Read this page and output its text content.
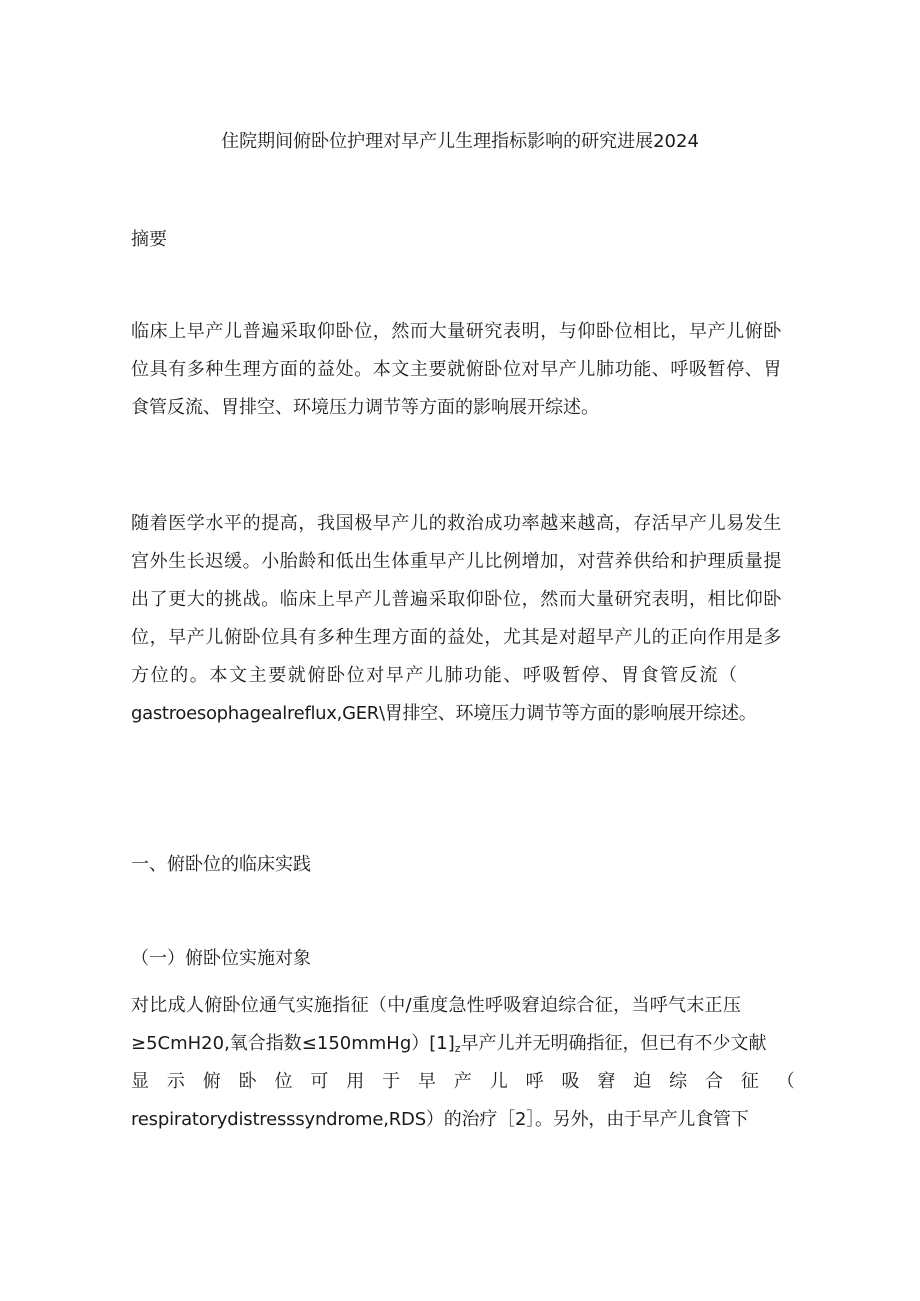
住院期间俯卧位护理对早产儿生理指标影响的研究进展2024
摘要
临床上早产儿普遍采取仰卧位，然而大量研究表明，与仰卧位相比，早产儿俯卧
位具有多种生理方面的益处。本文主要就俯卧位对早产儿肺功能、呼吸暂停、胃
食管反流、胃排空、环境压力调节等方面的影响展开综述。
随着医学水平的提高，我国极早产儿的救治成功率越来越高，存活早产儿易发生
宫外生长迟缓。小胎龄和低出生体重早产儿比例增加，对营养供给和护理质量提
出了更大的挑战。临床上早产儿普遍采取仰卧位，然而大量研究表明，相比仰卧
位，早产儿俯卧位具有多种生理方面的益处，尤其是对超早产儿的正向作用是多
方位的。本文主要就俯卧位对早产儿肺功能、呼吸暂停、胃食管反流（
gastroesophagealreflux,GER\胃排空、环境压力调节等方面的影响展开综述。
一、俯卧位的临床实践
（一）俯卧位实施对象
对比成人俯卧位通气实施指征（中/重度急性呼吸窘迫综合征，当呼气末正压
≥5CmH20,氧合指数$\le 150mmHg)[1]_z$早产儿并无明确指征，但已有不少文献
显 示 俯 卧 位 可 用 于 早 产 儿 呼 吸 窘 迫 综 合 征 （
respiratorydistresssyndrome,RDS）的治疗［2］。另外，由于早产儿食管下
